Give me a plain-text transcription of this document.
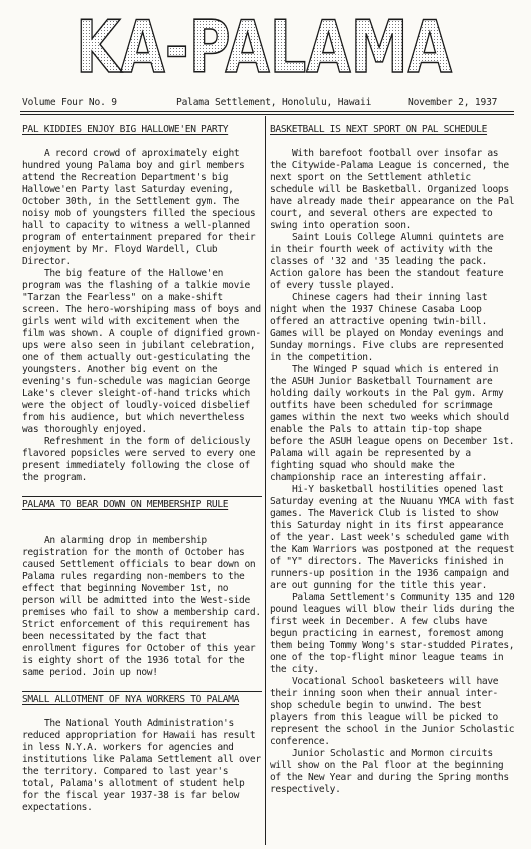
KA-PALAMA
Volume Four No. 9	Palama Settlement, Honolulu, Hawaii	November 2, 1937
PAL KIDDIES ENJOY BIG HALLOWE'EN PARTY

A record crowd of aproximately eight hundred young Palama boy and girl members attend the Recreation Department's big Hallowe'en Party last Saturday evening, October 30th, in the Settlement gym. The noisy mob of youngsters filled the specious hall to capacity to witness a well-planned program of entertainment prepared for their enjoyment by Mr. Floyd Wardell, Club Director.

The big feature of the Hallowe'en program was the flashing of a talkie movie "Tarzan the Fearless" on a make-shift screen. The hero-worshiping mass of boys and girls went wild with excitement when the film was shown. A couple of dignified grown-ups were also seen in jubilant celebration, one of them actually out-gesticulating the youngsters. Another big event on the evening's fun-schedule was magician George Lake's clever sleight-of-hand tricks which were the object of loudly-voiced disbelief from his audience, but which nevertheless was thoroughly enjoyed.

Refreshment in the form of deliciously flavored popsicles were served to every one present immediately following the close of the program.

PALAMA TO BEAR DOWN ON MEMBERSHIP RULE

An alarming drop in membership registration for the month of October has caused Settlement officials to bear down on Palama rules regarding non-members to the effect that beginning November 1st, no person will be admitted into the West-side premises who fail to show a membership card. Strict enforcement of this requirement has been necessitated by the fact that enrollment figures for October of this year is eighty short of the 1936 total for the same period. Join up now!

SMALL ALLOTMENT OF NYA WORKERS TO PALAMA

The National Youth Administration's reduced appropriation for Hawaii has result in less N.Y.A. workers for agencies and institutions like Palama Settlement all over the territory. Compared to last year's total, Palama's allotment of student help for the fiscal year 1937-38 is far below expectations.

BASKETBALL IS NEXT SPORT ON PAL SCHEDULE

With barefoot football over insofar as the Citywide-Palama League is concerned, the next sport on the Settlement athletic schedule will be Basketball. Organized loops have already made their appearance on the Pal court, and several others are expected to swing into operation soon.

Saint Louis College Alumni quintets are in their fourth week of activity with the classes of '32 and '35 leading the pack. Action galore has been the standout feature of every tussle played.

Chinese cagers had their inning last night when the 1937 Chinese Casaba Loop offered an attractive opening twin-bill. Games will be played on Monday evenings and Sunday mornings. Five clubs are represented in the competition.

The Winged P squad which is entered in the ASUH Junior Basketball Tournament are holding daily workouts in the Pal gym. Army outfits have been scheduled for scrimmage games within the next two weeks which should enable the Pals to attain tip-top shape before the ASUH league opens on December 1st. Palama will again be represented by a fighting squad who should make the championship race an interesting affair.

Hi-Y basketball hostilities opened last Saturday evening at the Nuuanu YMCA with fast games. The Maverick Club is listed to show this Saturday night in its first appearance of the year. Last week's scheduled game with the Kam Warriors was postponed at the request of "Y" directors. The Mavericks finished in runners-up position in the 1936 campaign and are out gunning for the title this year.

Palama Settlement's Community 135 and 120 pound leagues will blow their lids during the first week in December. A few clubs have begun practicing in earnest, foremost among them being Tommy Wong's star-studded Pirates, one of the top-flight minor league teams in the city.

Vocational School basketeers will have their inning soon when their annual inter-shop schedule begin to unwind. The best players from this league will be picked to represent the school in the Junior Scholastic conference.

Junior Scholastic and Mormon circuits will show on the Pal floor at the beginning of the New Year and during the Spring months respectively.
